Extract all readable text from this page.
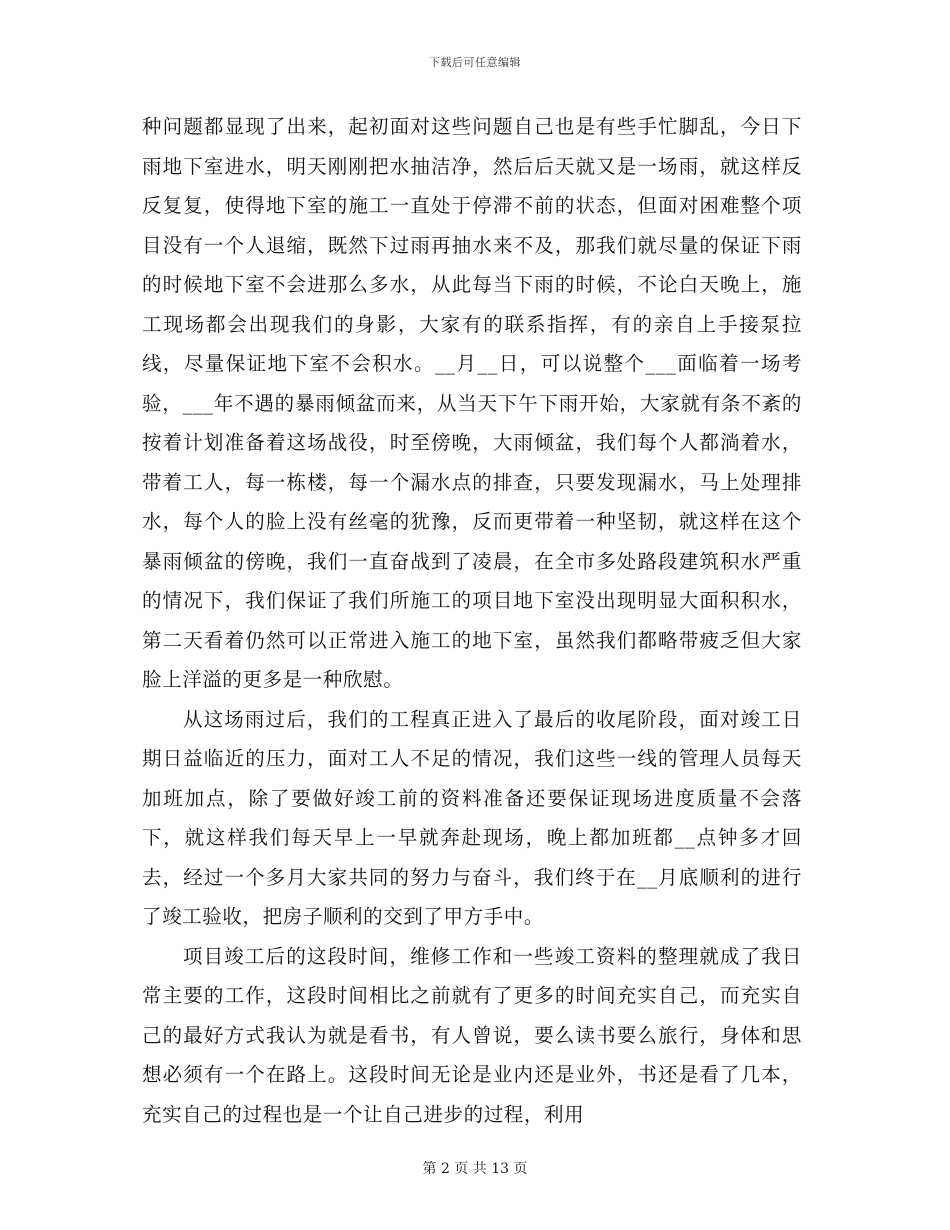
下载后可任意编辑

种问题都显现了出来，起初面对这些问题自己也是有些手忙脚乱，今日下雨地下室进水，明天刚刚把水抽洁净，然后后天就又是一场雨，就这样反反复复，使得地下室的施工一直处于停滞不前的状态，但面对困难整个项目没有一个人退缩，既然下过雨再抽水来不及，那我们就尽量的保证下雨的时候地下室不会进那么多水，从此每当下雨的时候，不论白天晚上，施工现场都会出现我们的身影，大家有的联系指挥，有的亲自上手接泵拉线，尽量保证地下室不会积水。__月__日，可以说整个___面临着一场考验，___年不遇的暴雨倾盆而来，从当天下午下雨开始，大家就有条不紊的按着计划准备着这场战役，时至傍晚，大雨倾盆，我们每个人都淌着水，带着工人，每一栋楼，每一个漏水点的排查，只要发现漏水，马上处理排水，每个人的脸上没有丝毫的犹豫，反而更带着一种坚韧，就这样在这个暴雨倾盆的傍晚，我们一直奋战到了凌晨，在全市多处路段建筑积水严重的情况下，我们保证了我们所施工的项目地下室没出现明显大面积积水，第二天看着仍然可以正常进入施工的地下室，虽然我们都略带疲乏但大家脸上洋溢的更多是一种欣慰。

从这场雨过后，我们的工程真正进入了最后的收尾阶段，面对竣工日期日益临近的压力，面对工人不足的情况，我们这些一线的管理人员每天加班加点，除了要做好竣工前的资料准备还要保证现场进度质量不会落下，就这样我们每天早上一早就奔赴现场，晚上都加班都__点钟多才回去，经过一个多月大家共同的努力与奋斗，我们终于在__月底顺利的进行了竣工验收，把房子顺利的交到了甲方手中。

项目竣工后的这段时间，维修工作和一些竣工资料的整理就成了我日常主要的工作，这段时间相比之前就有了更多的时间充实自己，而充实自己的最好方式我认为就是看书，有人曾说，要么读书要么旅行，身体和思想必须有一个在路上。这段时间无论是业内还是业外，书还是看了几本，充实自己的过程也是一个让自己进步的过程，利用

第 2 页 共 13 页
